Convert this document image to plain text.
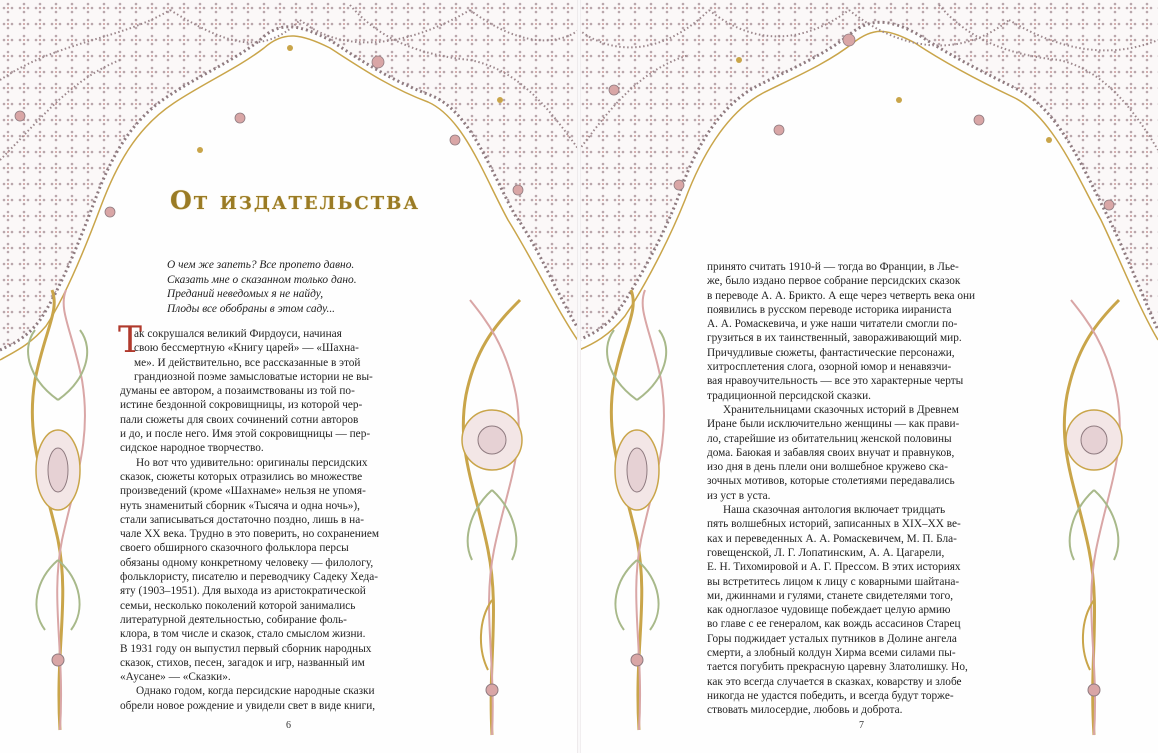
От издательства
О чем же запеть? Все пропето давно.
Сказать мне о сказанном только дано.
Преданий неведомых я не найду,
Плоды все обобраны в этом саду...
Т
ак сокрушался великий Фирдоуси, начиная
свою бессмертную «Книгу царей» — «Шахна-
ме». И действительно, все рассказанные в этой
грандиозной поэме замысловатые истории не вы-
думаны ее автором, а позаимствованы из той по-
истине бездонной сокровищницы, из которой чер-
пали сюжеты для своих сочинений сотни авторов
и до, и после него. Имя этой сокровищницы — пер-
сидское народное творчество.
Но вот что удивительно: оригиналы персидских
сказок, сюжеты которых отразились во множестве
произведений (кроме «Шахнаме» нельзя не упомя-
нуть знаменитый сборник «Тысяча и одна ночь»),
стали записываться достаточно поздно, лишь в на-
чале XX века. Трудно в это поверить, но сохранением
своего обширного сказочного фольклора персы
обязаны одному конкретному человеку — филологу,
фольклористу, писателю и переводчику Садеку Хеда-
яту (1903–1951). Для выхода из аристократической
семьи, несколько поколений которой занимались
литературной деятельностью, собирание фоль-
клора, в том числе и сказок, стало смыслом жизни.
В 1931 году он выпустил первый сборник народных
сказок, стихов, песен, загадок и игр, названный им
«Аусане» — «Сказки».
Однако годом, когда персидские народные сказки
обрели новое рождение и увидели свет в виде книги,
6
принято считать 1910-й — тогда во Франции, в Лье-
же, было издано первое собрание персидских сказок
в переводе А. А. Брикто. А еще через четверть века они
появились в русском переводе историка иираниста
А. А. Ромаскевича, и уже наши читатели смогли по-
грузиться в их таинственный, завораживающий мир.
Причудливые сюжеты, фантастические персонажи,
хитросплетения слога, озорной юмор и ненавязчи-
вая нравоучительность — все это характерные черты
традиционной персидской сказки.
Хранительницами сказочных историй в Древнем
Иране были исключительно женщины — как прави-
ло, старейшие из обитательниц женской половины
дома. Баюкая и забавляя своих внучат и правнуков,
изо дня в день плели они волшебное кружево ска-
зочных мотивов, которые столетиями передавались
из уст в уста.
Наша сказочная антология включает тридцать
пять волшебных историй, записанных в XIX–XX ве-
ках и переведенных А. А. Ромаскевичем, М. П. Бла-
говещенской, Л. Г. Лопатинским, А. А. Цагарели,
Е. Н. Тихомировой и А. Г. Прессом. В этих историях
вы встретитесь лицом к лицу с коварными шайтана-
ми, джиннами и гулями, станете свидетелями того,
как одноглазое чудовище побеждает целую армию
во главе с ее генералом, как вождь ассасинов Старец
Горы поджидает усталых путников в Долине ангела
смерти, а злобный колдун Хирма всеми силами пы-
тается погубить прекрасную царевну Златолишку. Но,
как это всегда случается в сказках, коварству и злобе
никогда не удастся победить, и всегда будут торже-
ствовать милосердие, любовь и доброта.
7
